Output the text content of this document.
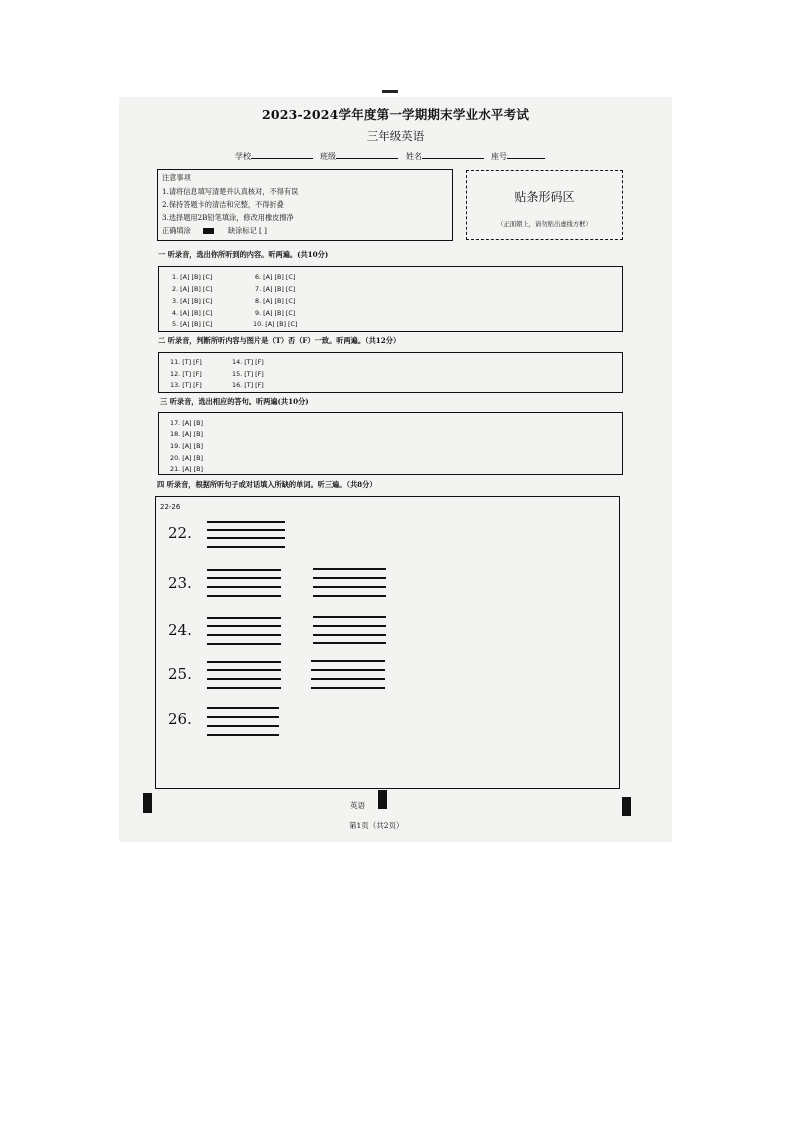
2023-2024学年度第一学期期末学业水平考试
三年级英语
学校	班级	姓名	座号
注意事项
1.请将信息填写清楚并认真核对，不得有误
2.保持答题卡的清洁和完整，不得折叠
3.选择题用2B铅笔填涂，修改用橡皮擦净
正确填涂	缺涂标记 [ ]
贴条形码区
（正面朝上，请勿贴出虚线方框）
一 听录音，选出你所听到的内容。听两遍。(共10分)
1. [A] [B] [C]
2. [A] [B] [C]
3. [A] [B] [C]
4. [A] [B] [C]
5. [A] [B] [C]
6. [A] [B] [C]
7. [A] [B] [C]
8. [A] [B] [C]
9. [A] [B] [C]
10. [A] [B] [C]
二 听录音，判断所听内容与图片是（T）否（F）一致。听两遍。（共12分）
11. [T] [F]
12. [T] [F]
13. [T] [F]
14. [T] [F]
15. [T] [F]
16. [T] [F]
三 听录音，选出相应的答句。听两遍(共10分)
17. [A] [B]
18. [A] [B]
19. [A] [B]
20. [A] [B]
21. [A] [B]
四 听录音，根据所听句子或对话填入所缺的单词。听三遍。（共8分）
22-26
22.
23.
24.
25.
26.
英语
第1页（共2页）
